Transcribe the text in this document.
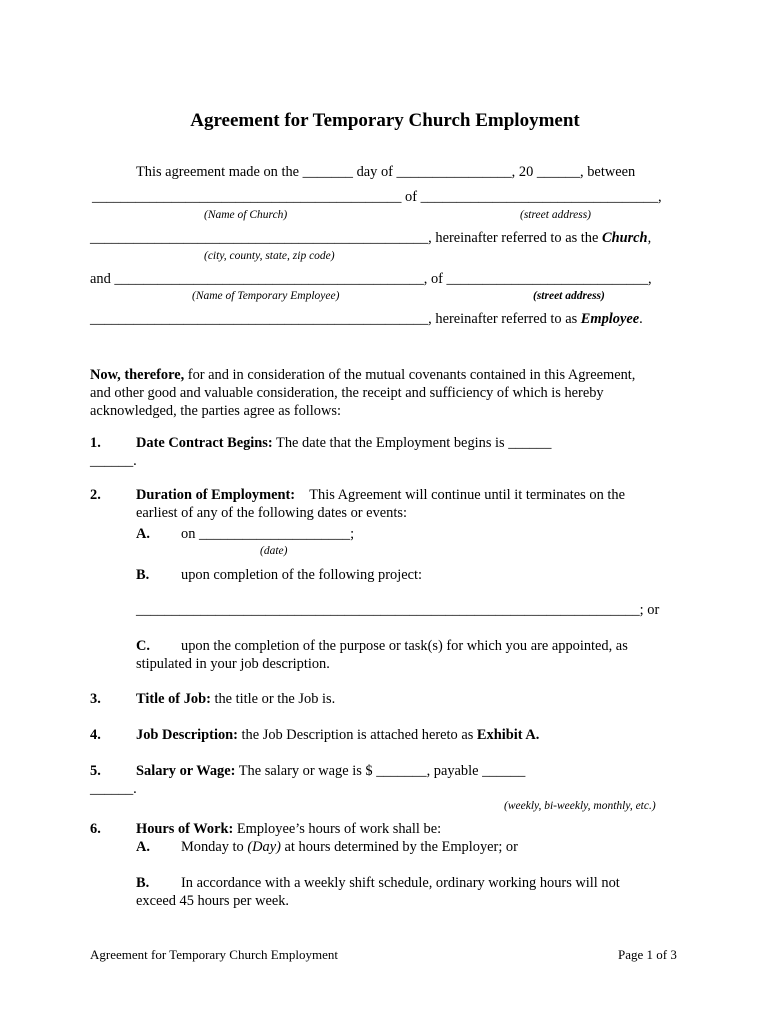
Agreement for Temporary Church Employment
This agreement made on the _______ day of ________________, 20 ______, between
___________________________________________ of _________________________________,
(Name of Church)	(street address)
_______________________________________________, hereinafter referred to as the Church,
(city, county, state, zip code)
and ___________________________________________, of ____________________________,
(Name of Temporary Employee)	(street address)
_______________________________________________, hereinafter referred to as Employee.
Now, therefore, for and in consideration of the mutual covenants contained in this Agreement,
and other good and valuable consideration, the receipt and sufficiency of which is hereby
acknowledged, the parties agree as follows:
1. Date Contract Begins: The date that the Employment begins is ______
______.
2. Duration of Employment:    This Agreement will continue until it terminates on the
earliest of any of the following dates or events:
A. on _____________________;
(date)
B. upon completion of the following project:
______________________________________________________________________; or
C. upon the completion of the purpose or task(s) for which you are appointed, as
stipulated in your job description.
3. Title of Job: the title or the Job is.
4. Job Description: the Job Description is attached hereto as Exhibit A.
5. Salary or Wage: The salary or wage is $ _______, payable ______
______.
(weekly, bi-weekly, monthly, etc.)
6. Hours of Work: Employee’s hours of work shall be:
A. Monday to (Day) at hours determined by the Employer; or
B. In accordance with a weekly shift schedule, ordinary working hours will not
exceed 45 hours per week.
Agreement for Temporary Church Employment	Page 1 of 3
